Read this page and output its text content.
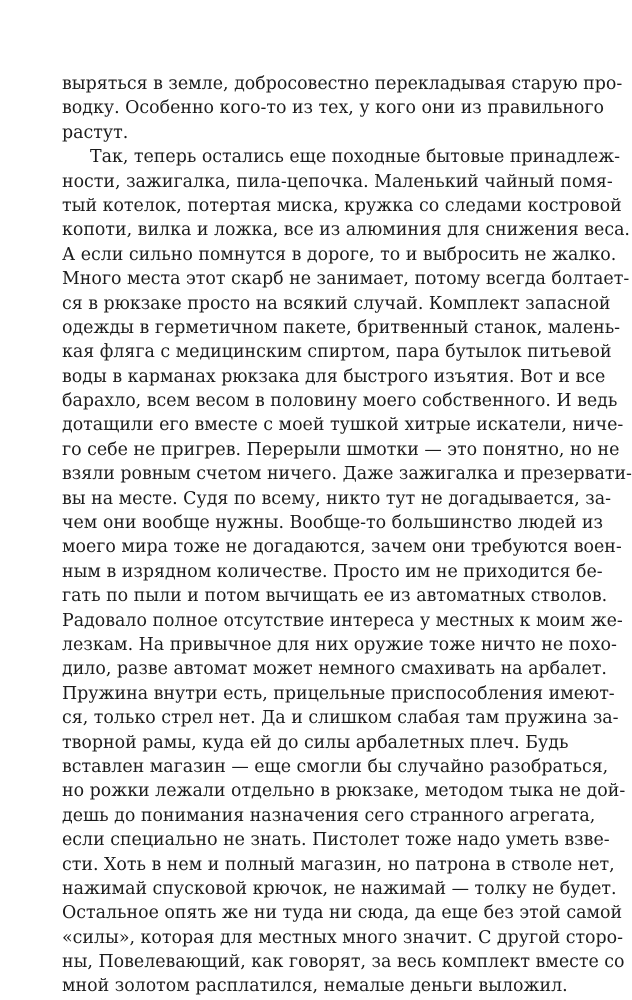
выряться в земле, добросовестно перекладывая старую про-
водку. Особенно кого-то из тех, у кого они из правильного
растут.
Так, теперь остались еще походные бытовые принадлеж-
ности, зажигалка, пила-цепочка. Маленький чайный помя-
тый котелок, потертая миска, кружка со следами костровой
копоти, вилка и ложка, все из алюминия для снижения веса.
А если сильно помнутся в дороге, то и выбросить не жалко.
Много места этот скарб не занимает, потому всегда болтает-
ся в рюкзаке просто на всякий случай. Комплект запасной
одежды в герметичном пакете, бритвенный станок, малень-
кая фляга с медицинским спиртом, пара бутылок питьевой
воды в карманах рюкзака для быстрого изъятия. Вот и все
барахло, всем весом в половину моего собственного. И ведь
дотащили его вместе с моей тушкой хитрые искатели, ниче-
го себе не пригрев. Перерыли шмотки — это понятно, но не
взяли ровным счетом ничего. Даже зажигалка и презервати-
вы на месте. Судя по всему, никто тут не догадывается, за-
чем они вообще нужны. Вообще-то большинство людей из
моего мира тоже не догадаются, зачем они требуются воен-
ным в изрядном количестве. Просто им не приходится бе-
гать по пыли и потом вычищать ее из автоматных стволов.
Радовало полное отсутствие интереса у местных к моим же-
лезкам. На привычное для них оружие тоже ничто не похо-
дило, разве автомат может немного смахивать на арбалет.
Пружина внутри есть, прицельные приспособления имеют-
ся, только стрел нет. Да и слишком слабая там пружина за-
творной рамы, куда ей до силы арбалетных плеч. Будь
вставлен магазин — еще смогли бы случайно разобраться,
но рожки лежали отдельно в рюкзаке, методом тыка не дой-
дешь до понимания назначения сего странного агрегата,
если специально не знать. Пистолет тоже надо уметь взве-
сти. Хоть в нем и полный магазин, но патрона в стволе нет,
нажимай спусковой крючок, не нажимай — толку не будет.
Остальное опять же ни туда ни сюда, да еще без этой самой
«силы», которая для местных много значит. С другой сторо-
ны, Повелевающий, как говорят, за весь комплект вместе со
мной золотом расплатился, немалые деньги выложил.
